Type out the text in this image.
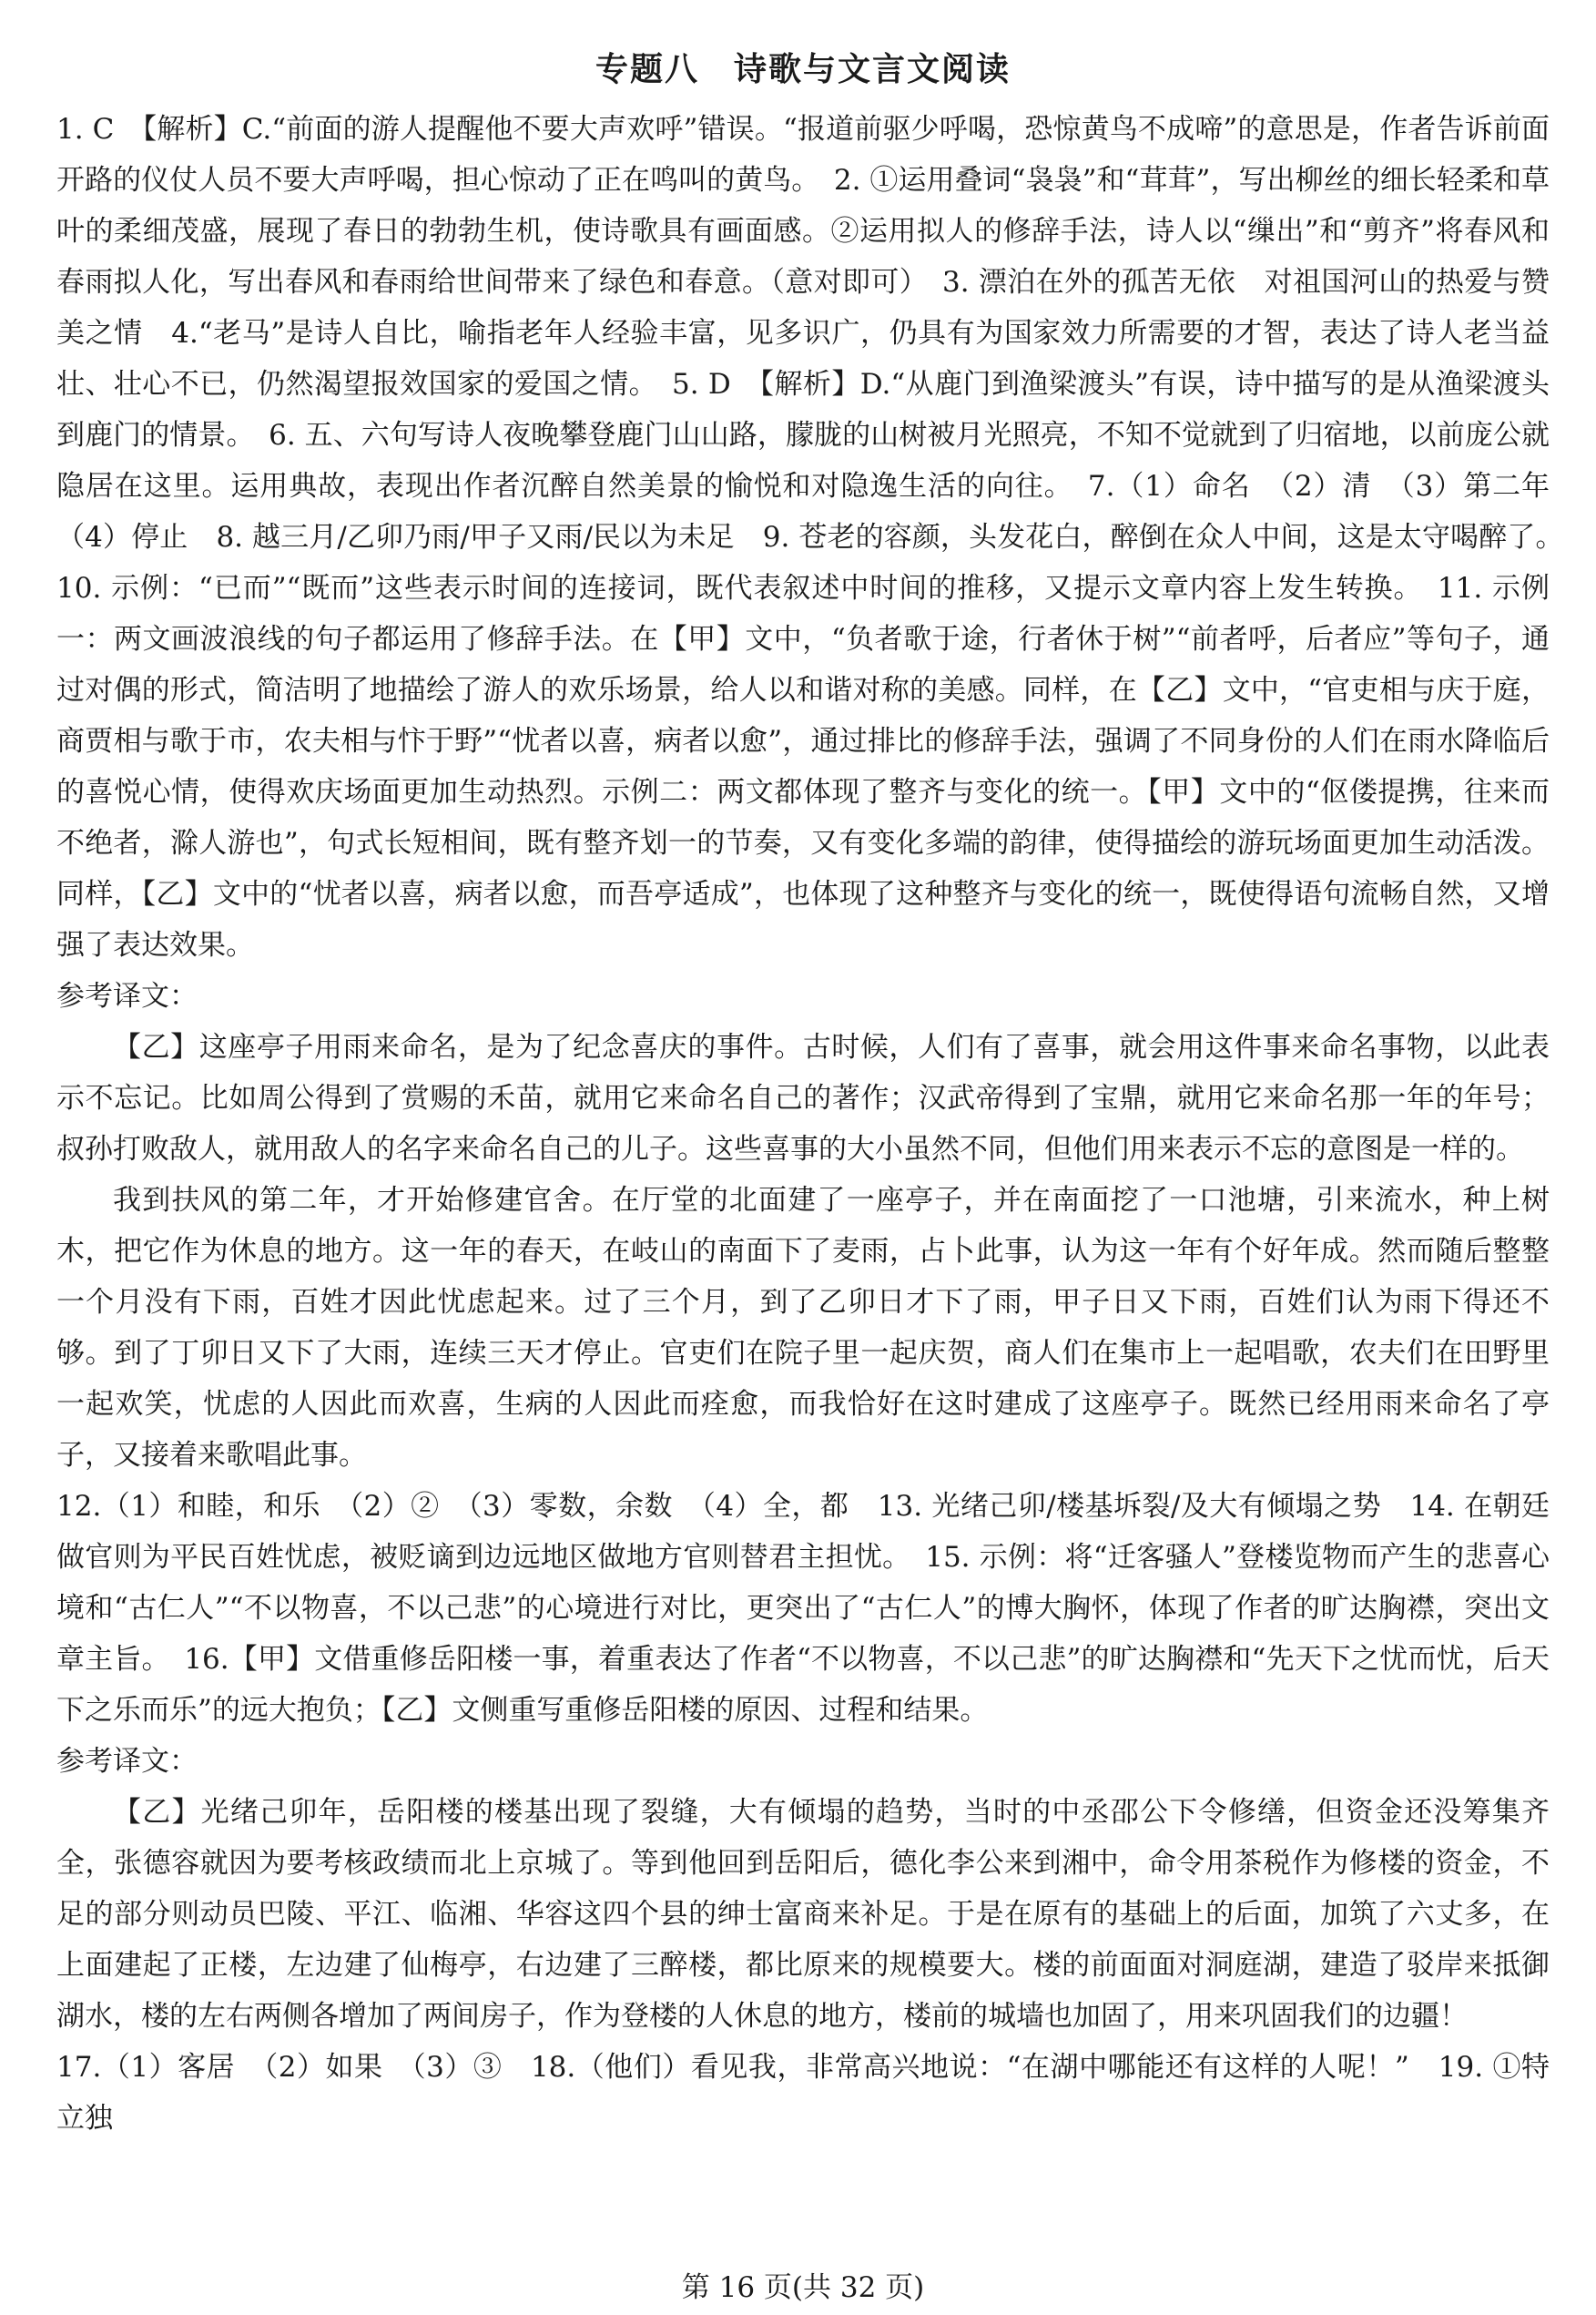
专题八　诗歌与文言文阅读

1. C　【解析】C.“前面的游人提醒他不要大声欢呼”错误。“报道前驱少呼喝，恐惊黄鸟不成啼”的意思是，作者告诉前面开路的仪仗人员不要大声呼喝，担心惊动了正在鸣叫的黄鸟。　2. ①运用叠词“袅袅”和“茸茸”，写出柳丝的细长轻柔和草叶的柔细茂盛，展现了春日的勃勃生机，使诗歌具有画面感。②运用拟人的修辞手法，诗人以“缫出”和“剪齐”将春风和春雨拟人化，写出春风和春雨给世间带来了绿色和春意。（意对即可）　3. 漂泊在外的孤苦无依　对祖国河山的热爱与赞美之情　4.“老马”是诗人自比，喻指老年人经验丰富，见多识广，仍具有为国家效力所需要的才智，表达了诗人老当益壮、壮心不已，仍然渴望报效国家的爱国之情。　5. D　【解析】D.“从鹿门到渔梁渡头”有误，诗中描写的是从渔梁渡头到鹿门的情景。　6. 五、六句写诗人夜晚攀登鹿门山山路，朦胧的山树被月光照亮，不知不觉就到了归宿地，以前庞公就隐居在这里。运用典故，表现出作者沉醉自然美景的愉悦和对隐逸生活的向往。　7.（1）命名　（2）清　（3）第二年　（4）停止　8. 越三月/乙卯乃雨/甲子又雨/民以为未足　9. 苍老的容颜，头发花白，醉倒在众人中间，这是太守喝醉了。　10. 示例：“已而”“既而”这些表示时间的连接词，既代表叙述中时间的推移，又提示文章内容上发生转换。　11. 示例一：两文画波浪线的句子都运用了修辞手法。在【甲】文中，“负者歌于途，行者休于树”“前者呼，后者应”等句子，通过对偶的形式，简洁明了地描绘了游人的欢乐场景，给人以和谐对称的美感。同样，在【乙】文中，“官吏相与庆于庭，商贾相与歌于市，农夫相与忭于野”“忧者以喜，病者以愈”，通过排比的修辞手法，强调了不同身份的人们在雨水降临后的喜悦心情，使得欢庆场面更加生动热烈。示例二：两文都体现了整齐与变化的统一。【甲】文中的“伛偻提携，往来而不绝者，滁人游也”，句式长短相间，既有整齐划一的节奏，又有变化多端的韵律，使得描绘的游玩场面更加生动活泼。同样，【乙】文中的“忧者以喜，病者以愈，而吾亭适成”，也体现了这种整齐与变化的统一，既使得语句流畅自然，又增强了表达效果。

参考译文：

【乙】这座亭子用雨来命名，是为了纪念喜庆的事件。古时候，人们有了喜事，就会用这件事来命名事物，以此表示不忘记。比如周公得到了赏赐的禾苗，就用它来命名自己的著作；汉武帝得到了宝鼎，就用它来命名那一年的年号；叔孙打败敌人，就用敌人的名字来命名自己的儿子。这些喜事的大小虽然不同，但他们用来表示不忘的意图是一样的。

我到扶风的第二年，才开始修建官舍。在厅堂的北面建了一座亭子，并在南面挖了一口池塘，引来流水，种上树木，把它作为休息的地方。这一年的春天，在岐山的南面下了麦雨，占卜此事，认为这一年有个好年成。然而随后整整一个月没有下雨，百姓才因此忧虑起来。过了三个月，到了乙卯日才下了雨，甲子日又下雨，百姓们认为雨下得还不够。到了丁卯日又下了大雨，连续三天才停止。官吏们在院子里一起庆贺，商人们在集市上一起唱歌，农夫们在田野里一起欢笑，忧虑的人因此而欢喜，生病的人因此而痊愈，而我恰好在这时建成了这座亭子。既然已经用雨来命名了亭子，又接着来歌唱此事。

12.（1）和睦，和乐　（2）②　（3）零数，余数　（4）全，都　13. 光绪己卯/楼基坼裂/及大有倾塌之势　14. 在朝廷做官则为平民百姓忧虑，被贬谪到边远地区做地方官则替君主担忧。　15. 示例：将“迁客骚人”登楼览物而产生的悲喜心境和“古仁人”“不以物喜，不以己悲”的心境进行对比，更突出了“古仁人”的博大胸怀，体现了作者的旷达胸襟，突出文章主旨。　16.【甲】文借重修岳阳楼一事，着重表达了作者“不以物喜，不以己悲”的旷达胸襟和“先天下之忧而忧，后天下之乐而乐”的远大抱负；【乙】文侧重写重修岳阳楼的原因、过程和结果。

参考译文：

【乙】光绪己卯年，岳阳楼的楼基出现了裂缝，大有倾塌的趋势，当时的中丞邵公下令修缮，但资金还没筹集齐全，张德容就因为要考核政绩而北上京城了。等到他回到岳阳后，德化李公来到湘中，命令用茶税作为修楼的资金，不足的部分则动员巴陵、平江、临湘、华容这四个县的绅士富商来补足。于是在原有的基础上的后面，加筑了六丈多，在上面建起了正楼，左边建了仙梅亭，右边建了三醉楼，都比原来的规模要大。楼的前面面对洞庭湖，建造了驳岸来抵御湖水，楼的左右两侧各增加了两间房子，作为登楼的人休息的地方，楼前的城墙也加固了，用来巩固我们的边疆！

17.（1）客居　（2）如果　（3）③　18.（他们）看见我，非常高兴地说：“在湖中哪能还有这样的人呢！”　19. ①特立独

第 16 页(共 32 页)
